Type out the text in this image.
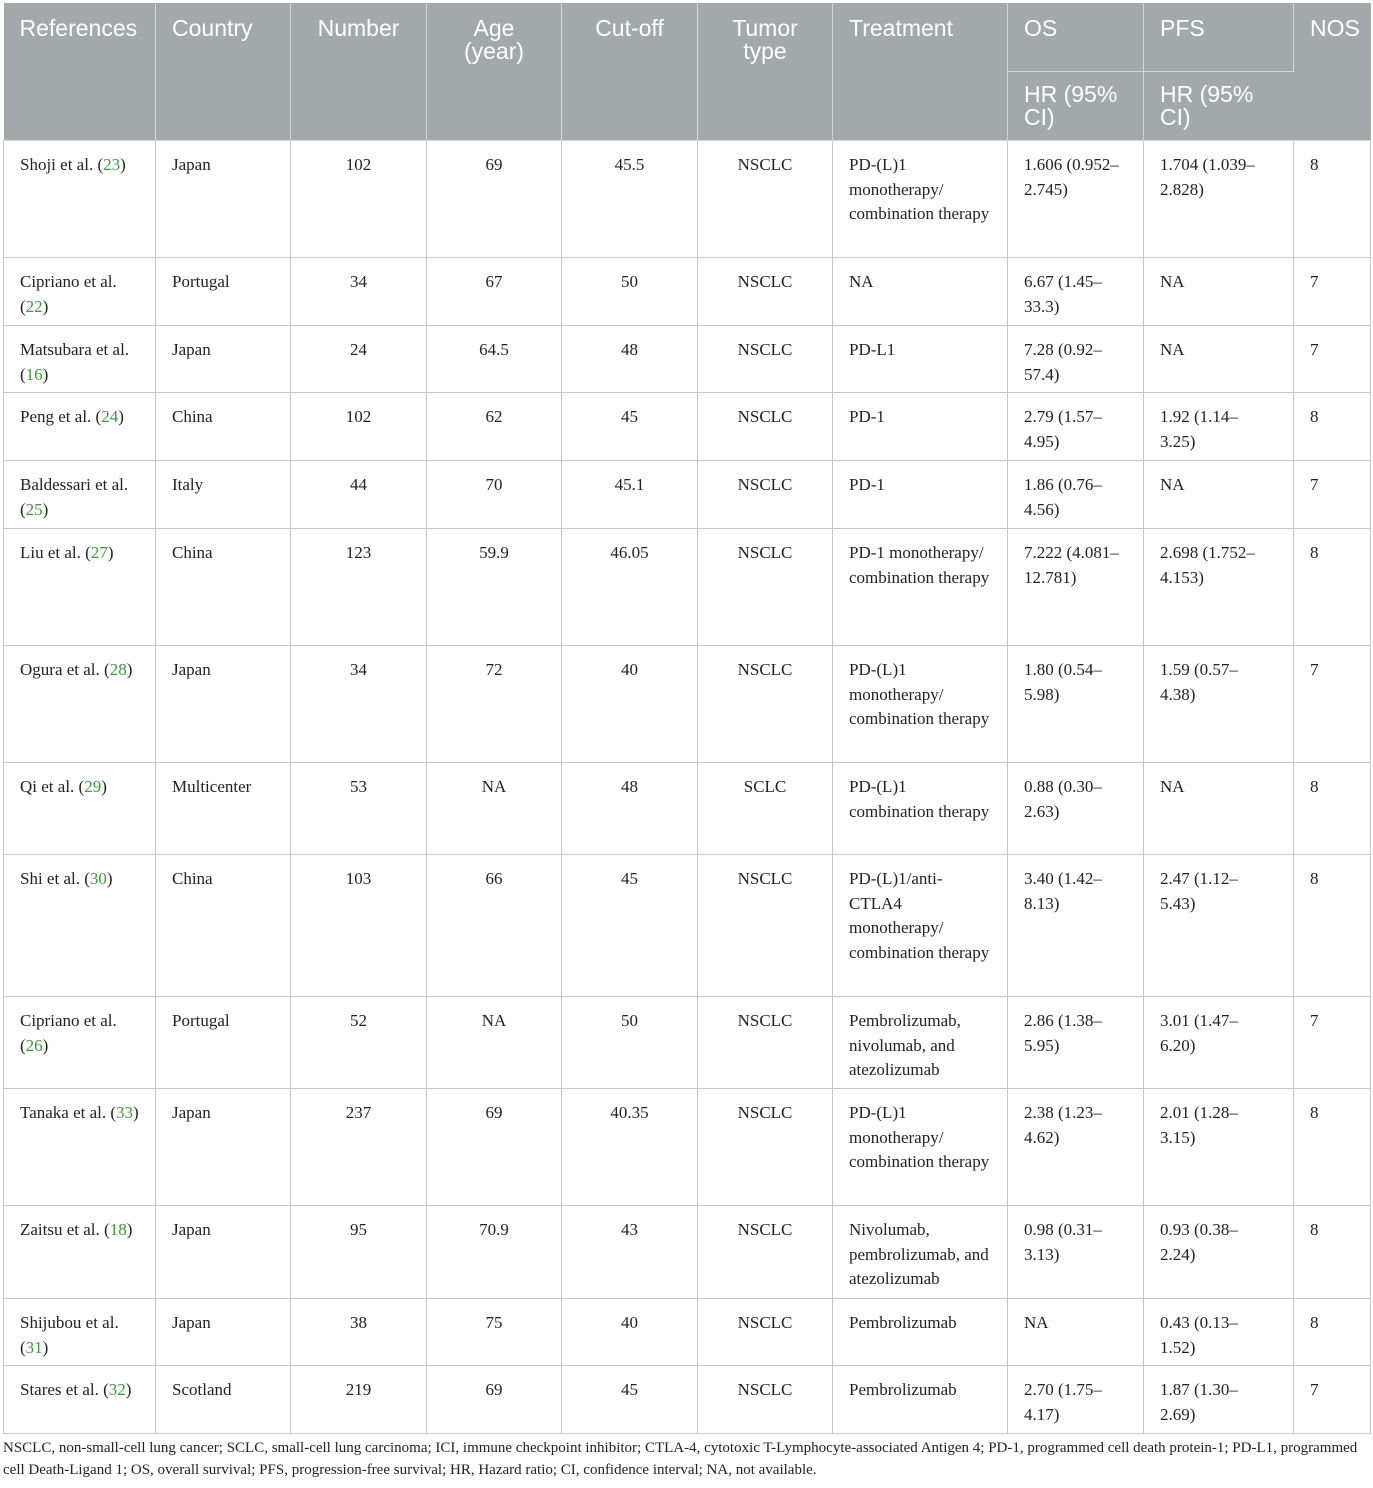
References	Country	Number	Age (year)	Cut-off	Tumor type	Treatment	OS	PFS	NOS

							HR (95% CI)	HR (95% CI)	

Shoji et al. (23)	Japan	102	69	45.5	NSCLC	PD-(L)1 monotherapy/ combination therapy	1.606 (0.952–2.745)	1.704 (1.039–2.828)	8
Cipriano et al. (22)	Portugal	34	67	50	NSCLC	NA	6.67 (1.45–33.3)	NA	7
Matsubara et al. (16)	Japan	24	64.5	48	NSCLC	PD-L1	7.28 (0.92–57.4)	NA	7
Peng et al. (24)	China	102	62	45	NSCLC	PD-1	2.79 (1.57–4.95)	1.92 (1.14–3.25)	8
Baldessari et al. (25)	Italy	44	70	45.1	NSCLC	PD-1	1.86 (0.76–4.56)	NA	7
Liu et al. (27)	China	123	59.9	46.05	NSCLC	PD-1 monotherapy/ combination therapy	7.222 (4.081–12.781)	2.698 (1.752–4.153)	8
Ogura et al. (28)	Japan	34	72	40	NSCLC	PD-(L)1 monotherapy/ combination therapy	1.80 (0.54–5.98)	1.59 (0.57–4.38)	7
Qi et al. (29)	Multicenter	53	NA	48	SCLC	PD-(L)1 combination therapy	0.88 (0.30–2.63)	NA	8
Shi et al. (30)	China	103	66	45	NSCLC	PD-(L)1/anti-CTLA4 monotherapy/ combination therapy	3.40 (1.42–8.13)	2.47 (1.12–5.43)	8
Cipriano et al. (26)	Portugal	52	NA	50	NSCLC	Pembrolizumab, nivolumab, and atezolizumab	2.86 (1.38–5.95)	3.01 (1.47–6.20)	7
Tanaka et al. (33)	Japan	237	69	40.35	NSCLC	PD-(L)1 monotherapy/ combination therapy	2.38 (1.23–4.62)	2.01 (1.28–3.15)	8
Zaitsu et al. (18)	Japan	95	70.9	43	NSCLC	Nivolumab, pembrolizumab, and atezolizumab	0.98 (0.31–3.13)	0.93 (0.38–2.24)	8
Shijubou et al. (31)	Japan	38	75	40	NSCLC	Pembrolizumab	NA	0.43 (0.13–1.52)	8
Stares et al. (32)	Scotland	219	69	45	NSCLC	Pembrolizumab	2.70 (1.75–4.17)	1.87 (1.30–2.69)	7
NSCLC, non-small-cell lung cancer; SCLC, small-cell lung carcinoma; ICI, immune checkpoint inhibitor; CTLA-4, cytotoxic T-Lymphocyte-associated Antigen 4; PD-1, programmed cell death protein-1; PD-L1, programmed cell Death-Ligand 1; OS, overall survival; PFS, progression-free survival; HR, Hazard ratio; CI, confidence interval; NA, not available.
